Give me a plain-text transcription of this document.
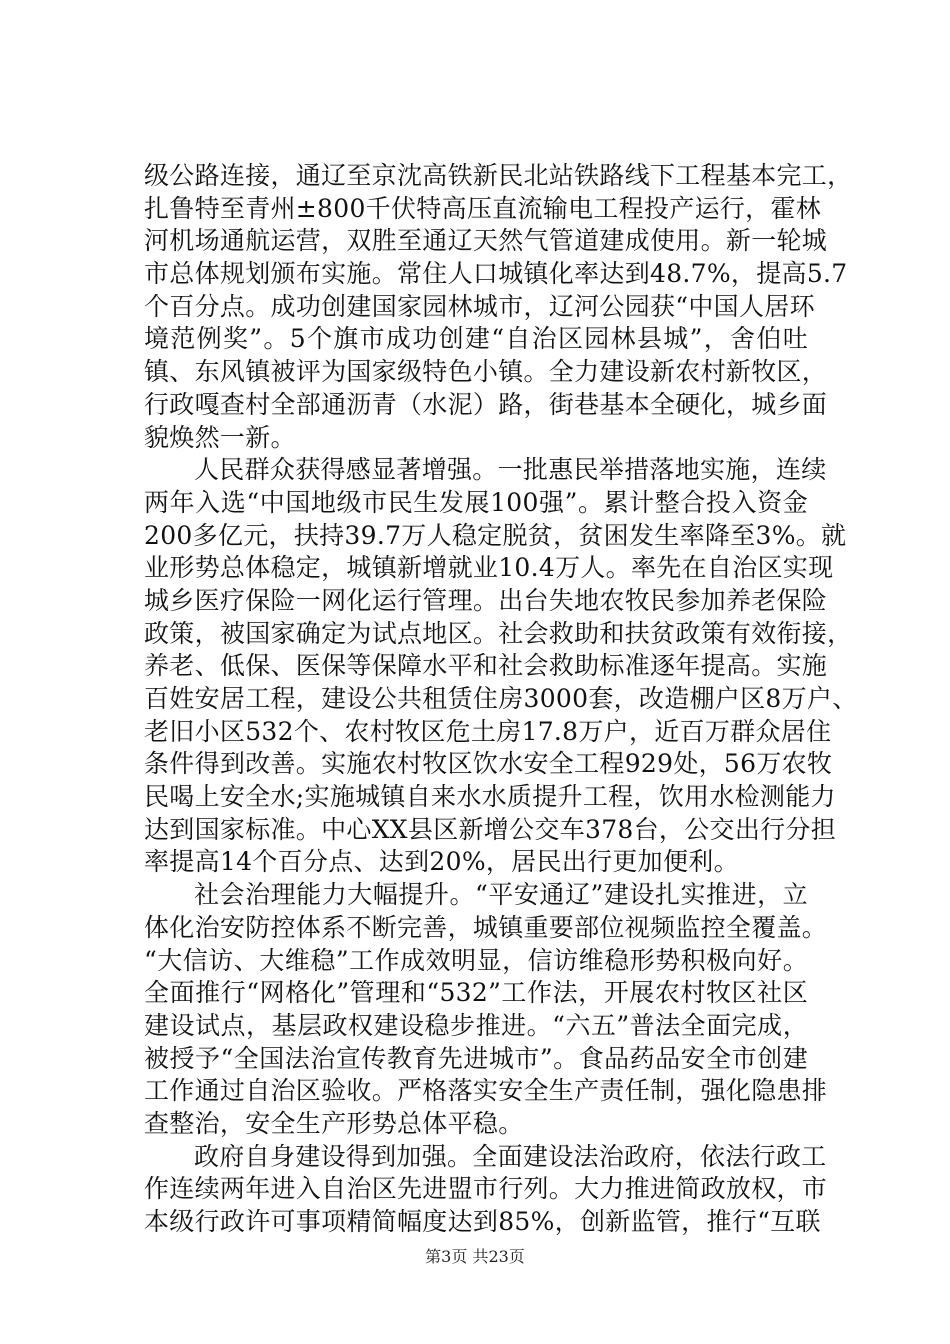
级公路连接，通辽至京沈高铁新民北站铁路线下工程基本完工，
扎鲁特至青州±800千伏特高压直流输电工程投产运行，霍林
河机场通航运营，双胜至通辽天然气管道建成使用。新一轮城
市总体规划颁布实施。常住人口城镇化率达到48.7%，提高5.7
个百分点。成功创建国家园林城市，辽河公园获“中国人居环
境范例奖”。5个旗市成功创建“自治区园林县城”，舍伯吐
镇、东风镇被评为国家级特色小镇。全力建设新农村新牧区，
行政嘎查村全部通沥青（水泥）路，街巷基本全硬化，城乡面
貌焕然一新。
人民群众获得感显著增强。一批惠民举措落地实施，连续
两年入选“中国地级市民生发展100强”。累计整合投入资金
200多亿元，扶持39.7万人稳定脱贫，贫困发生率降至3%。就
业形势总体稳定，城镇新增就业10.4万人。率先在自治区实现
城乡医疗保险一网化运行管理。出台失地农牧民参加养老保险
政策，被国家确定为试点地区。社会救助和扶贫政策有效衔接，
养老、低保、医保等保障水平和社会救助标准逐年提高。实施
百姓安居工程，建设公共租赁住房3000套，改造棚户区8万户、
老旧小区532个、农村牧区危土房17.8万户，近百万群众居住
条件得到改善。实施农村牧区饮水安全工程929处，56万农牧
民喝上安全水;实施城镇自来水水质提升工程，饮用水检测能力
达到国家标准。中心XX县区新增公交车378台，公交出行分担
率提高14个百分点、达到20%，居民出行更加便利。
社会治理能力大幅提升。“平安通辽”建设扎实推进，立
体化治安防控体系不断完善，城镇重要部位视频监控全覆盖。
“大信访、大维稳”工作成效明显，信访维稳形势积极向好。
全面推行“网格化”管理和“532”工作法，开展农村牧区社区
建设试点，基层政权建设稳步推进。“六五”普法全面完成，
被授予“全国法治宣传教育先进城市”。食品药品安全市创建
工作通过自治区验收。严格落实安全生产责任制，强化隐患排
查整治，安全生产形势总体平稳。
政府自身建设得到加强。全面建设法治政府，依法行政工
作连续两年进入自治区先进盟市行列。大力推进简政放权，市
本级行政许可事项精简幅度达到85%，创新监管，推行“互联
第3页 共23页
